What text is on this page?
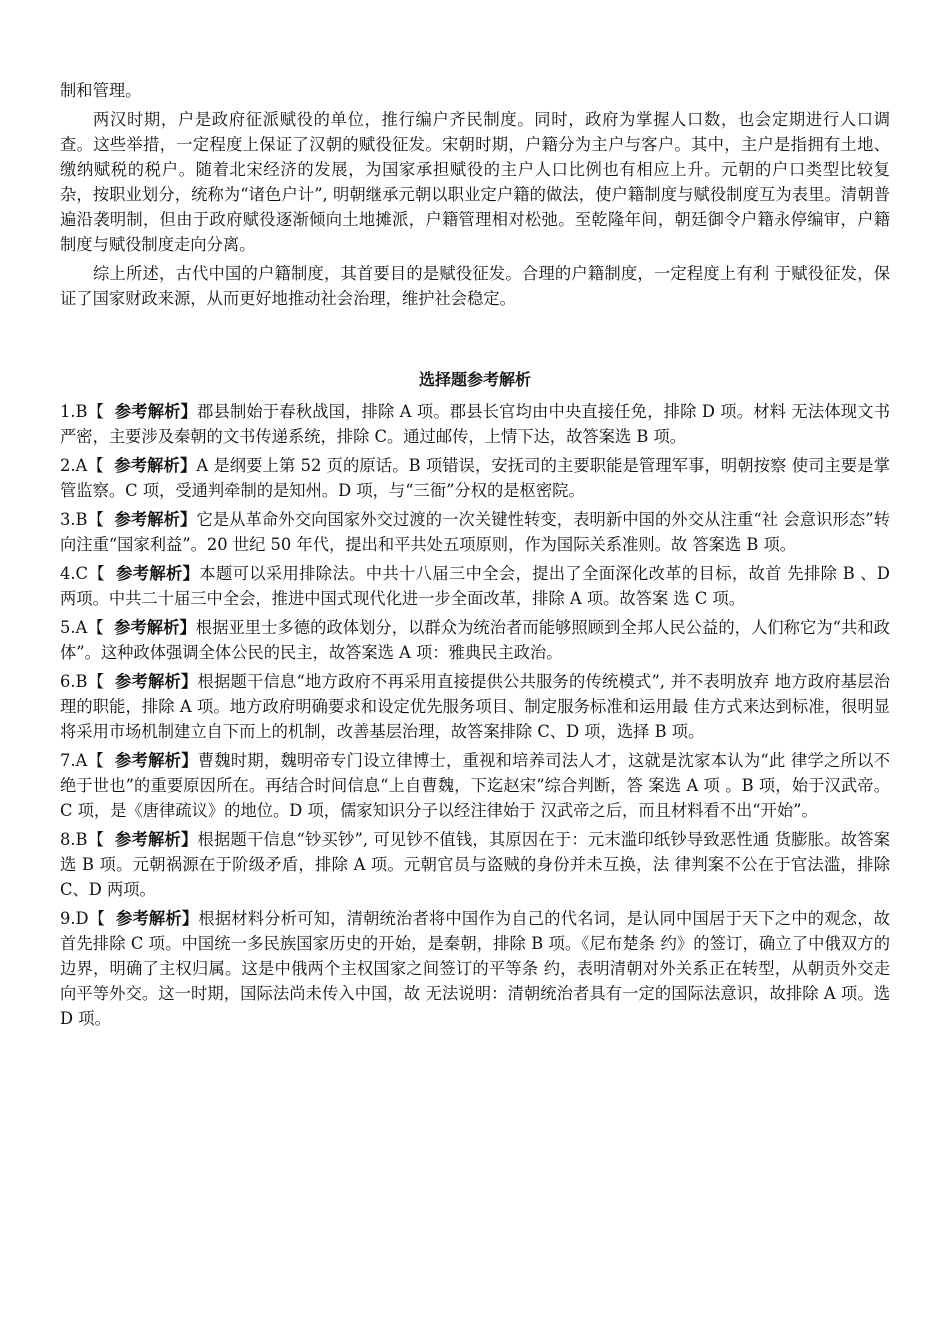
制和管理。

两汉时期，户是政府征派赋役的单位，推行编户齐民制度。同时，政府为掌握人口数，也会定期进行人口调查。这些举措，一定程度上保证了汉朝的赋役征发。宋朝时期，户籍分为主户与客户。其中，主户是指拥有土地、缴纳赋税的税户。随着北宋经济的发展，为国家承担赋役的主户人口比例也有相应上升。元朝的户口类型比较复杂，按职业划分，统称为“诸色户计”, 明朝继承元朝以职业定户籍的做法，使户籍制度与赋役制度互为表里。清朝普遍沿袭明制，但由于政府赋役逐渐倾向土地摊派，户籍管理相对松弛。至乾隆年间，朝廷御令户籍永停编审，户籍制度与赋役制度走向分离。

综上所述，古代中国的户籍制度，其首要目的是赋役征发。合理的户籍制度，一定程度上有利 于赋役征发，保证了国家财政来源，从而更好地推动社会治理，维护社会稳定。

选择题参考解析

1.B【  参考解析】郡县制始于春秋战国，排除 A 项。郡县长官均由中央直接任免，排除 D 项。材料 无法体现文书严密，主要涉及秦朝的文书传递系统，排除 C。通过邮传，上情下达，故答案选 B 项。

2.A【  参考解析】A 是纲要上第 52 页的原话。B 项错误，安抚司的主要职能是管理军事，明朝按察 使司主要是掌管监察。C 项，受通判牵制的是知州。D 项，与“三衙”分权的是枢密院。

3.B【  参考解析】它是从革命外交向国家外交过渡的一次关键性转变，表明新中国的外交从注重“社 会意识形态”转向注重“国家利益”。20 世纪 50 年代，提出和平共处五项原则，作为国际关系准则。故 答案选 B 项。

4.C【  参考解析】本题可以采用排除法。中共十八届三中全会，提出了全面深化改革的目标，故首 先排除 B 、D 两项。中共二十届三中全会，推进中国式现代化进一步全面改革，排除 A 项。故答案 选 C 项。

5.A【  参考解析】根据亚里士多德的政体划分，以群众为统治者而能够照顾到全邦人民公益的，人们称它为“共和政体”。这种政体强调全体公民的民主，故答案选 A 项：雅典民主政治。

6.B【  参考解析】根据题干信息“地方政府不再采用直接提供公共服务的传统模式”, 并不表明放弃 地方政府基层治理的职能，排除 A 项。地方政府明确要求和设定优先服务项目、制定服务标准和运用最 佳方式来达到标准，很明显将采用市场机制建立自下而上的机制，改善基层治理，故答案排除 C、D 项，选择 B 项。

7.A【  参考解析】曹魏时期，魏明帝专门设立律博士，重视和培养司法人才，这就是沈家本认为“此 律学之所以不绝于世也”的重要原因所在。再结合时间信息“上自曹魏，下迄赵宋”综合判断，答 案选 A 项 。B 项，始于汉武帝。C 项，是《唐律疏议》的地位。D 项，儒家知识分子以经注律始于 汉武帝之后，而且材料看不出“开始”。

8.B【  参考解析】根据题干信息“钞买钞”, 可见钞不值钱，其原因在于：元末滥印纸钞导致恶性通 货膨胀。故答案选 B 项。元朝祸源在于阶级矛盾，排除 A 项。元朝官员与盗贼的身份并未互换，法 律判案不公在于官法滥，排除 C、D 两项。

9.D【  参考解析】根据材料分析可知，清朝统治者将中国作为自己的代名词，是认同中国居于天下之中的观念，故首先排除 C 项。中国统一多民族国家历史的开始，是秦朝，排除 B 项。《尼布楚条 约》的签订，确立了中俄双方的边界，明确了主权归属。这是中俄两个主权国家之间签订的平等条 约，表明清朝对外关系正在转型，从朝贡外交走向平等外交。这一时期，国际法尚未传入中国，故 无法说明：清朝统治者具有一定的国际法意识，故排除 A 项。选 D 项。
